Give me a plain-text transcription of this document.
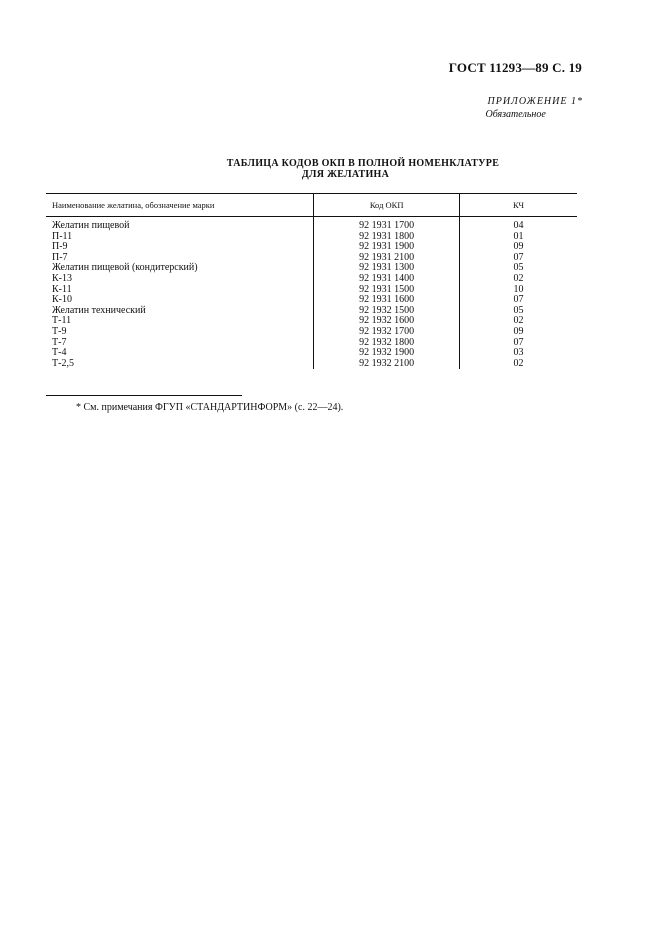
ГОСТ 11293—89 С. 19
ПРИЛОЖЕНИЕ 1*
Обязательное
ТАБЛИЦА КОДОВ ОКП В ПОЛНОЙ НОМЕНКЛАТУРЕ
ДЛЯ ЖЕЛАТИНА
Наименование желатина, обозначение марки	Код ОКП	КЧ
Желатин пищевой	92 1931 1700	04
П-11	92 1931 1800	01
П-9	92 1931 1900	09
П-7	92 1931 2100	07
Желатин пищевой (кондитерский)	92 1931 1300	05
К-13	92 1931 1400	02
К-11	92 1931 1500	10
К-10	92 1931 1600	07
Желатин технический	92 1932 1500	05
Т-11	92 1932 1600	02
Т-9	92 1932 1700	09
Т-7	92 1932 1800	07
Т-4	92 1932 1900	03
Т-2,5	92 1932 2100	02
* См. примечания ФГУП «СТАНДАРТИНФОРМ» (с. 22—24).
